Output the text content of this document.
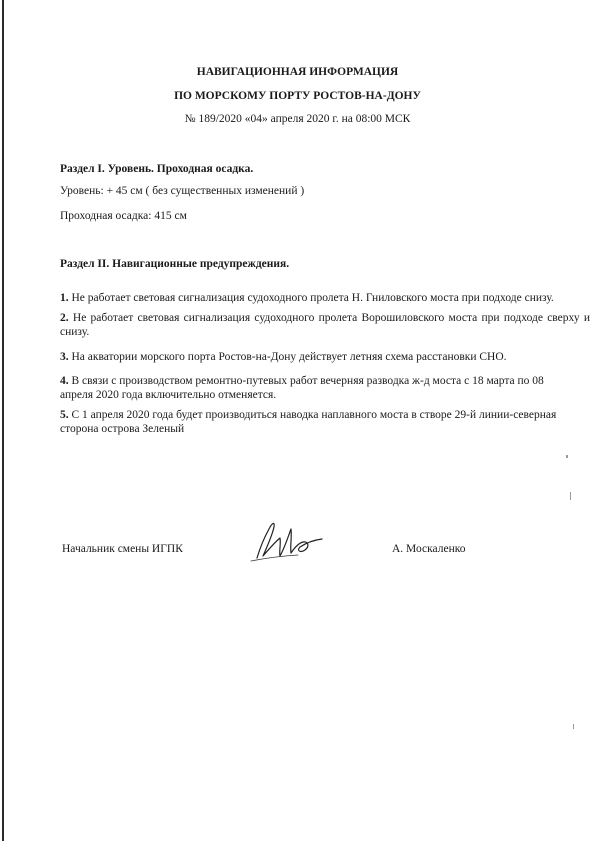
НАВИГАЦИОННАЯ ИНФОРМАЦИЯ
ПО МОРСКОМУ ПОРТУ РОСТОВ-НА-ДОНУ
№ 189/2020 «04» апреля 2020 г. на 08:00 МСК
Раздел I. Уровень. Проходная осадка.
Уровень: + 45 см ( без существенных изменений )
Проходная осадка: 415 см
Раздел II. Навигационные предупреждения.
1. Не работает световая сигнализация судоходного пролета Н. Гниловского моста при подходе снизу.
2. Не работает световая сигнализация судоходного пролета Ворошиловского моста при подходе сверху и снизу.
3. На акватории морского порта Ростов-на-Дону действует летняя схема расстановки СНО.
4. В связи с производством ремонтно-путевых работ вечерняя разводка ж-д моста с 18 марта по 08 апреля 2020 года включительно отменяется.
5. С 1 апреля 2020 года будет производиться наводка наплавного моста в створе 29-й линии-северная сторона острова Зеленый
Начальник смены ИГПК	А. Москаленко
